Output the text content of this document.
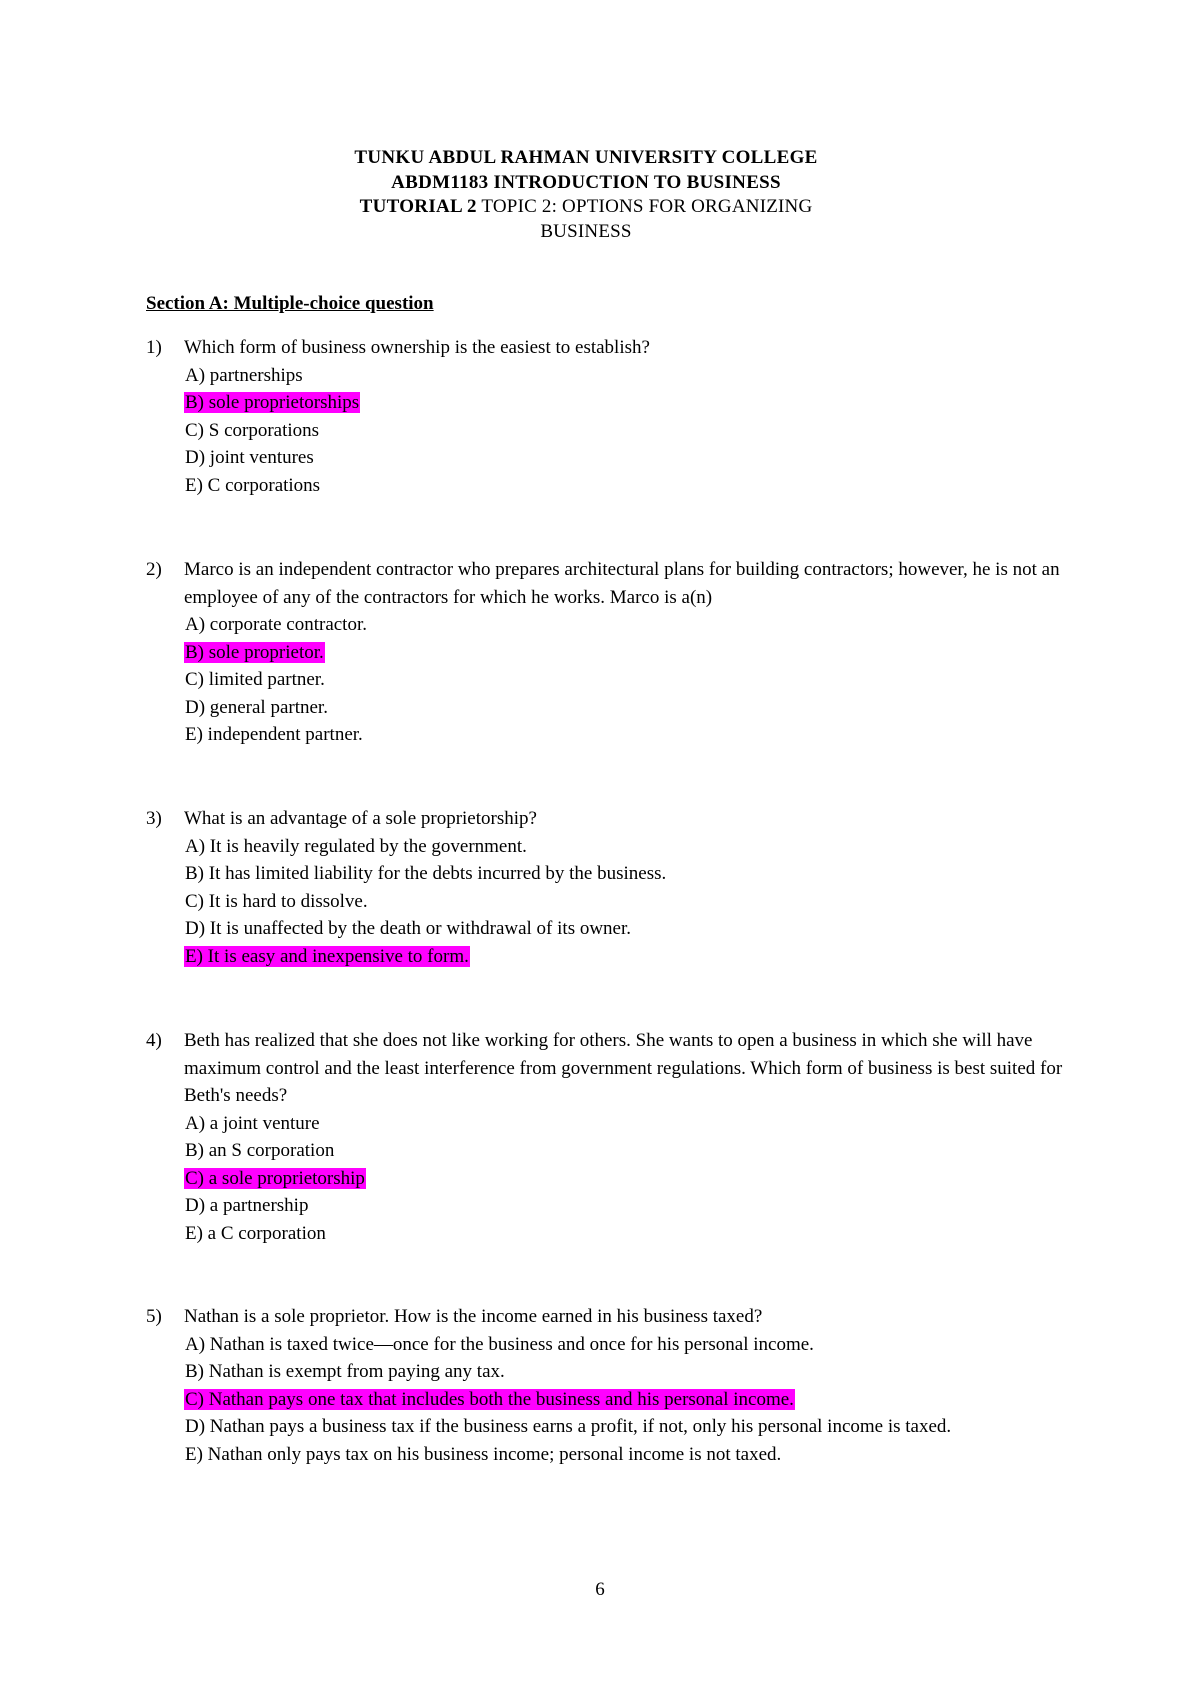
TUNKU ABDUL RAHMAN UNIVERSITY COLLEGE
ABDM1183 INTRODUCTION TO BUSINESS
TUTORIAL 2 TOPIC 2: OPTIONS FOR ORGANIZING
BUSINESS
Section A: Multiple-choice question
1) Which form of business ownership is the easiest to establish?
A) partnerships
B) sole proprietorships
C) S corporations
D) joint ventures
E) C corporations
2) Marco is an independent contractor who prepares architectural plans for building contractors; however, he is not an employee of any of the contractors for which he works. Marco is a(n)
A) corporate contractor.
B) sole proprietor.
C) limited partner.
D) general partner.
E) independent partner.
3) What is an advantage of a sole proprietorship?
A) It is heavily regulated by the government.
B) It has limited liability for the debts incurred by the business.
C) It is hard to dissolve.
D) It is unaffected by the death or withdrawal of its owner.
E) It is easy and inexpensive to form.
4) Beth has realized that she does not like working for others. She wants to open a business in which she will have maximum control and the least interference from government regulations. Which form of business is best suited for Beth's needs?
A) a joint venture
B) an S corporation
C) a sole proprietorship
D) a partnership
E) a C corporation
5) Nathan is a sole proprietor. How is the income earned in his business taxed?
A) Nathan is taxed twice—once for the business and once for his personal income.
B) Nathan is exempt from paying any tax.
C) Nathan pays one tax that includes both the business and his personal income.
D) Nathan pays a business tax if the business earns a profit, if not, only his personal income is taxed.
E) Nathan only pays tax on his business income; personal income is not taxed.
6
